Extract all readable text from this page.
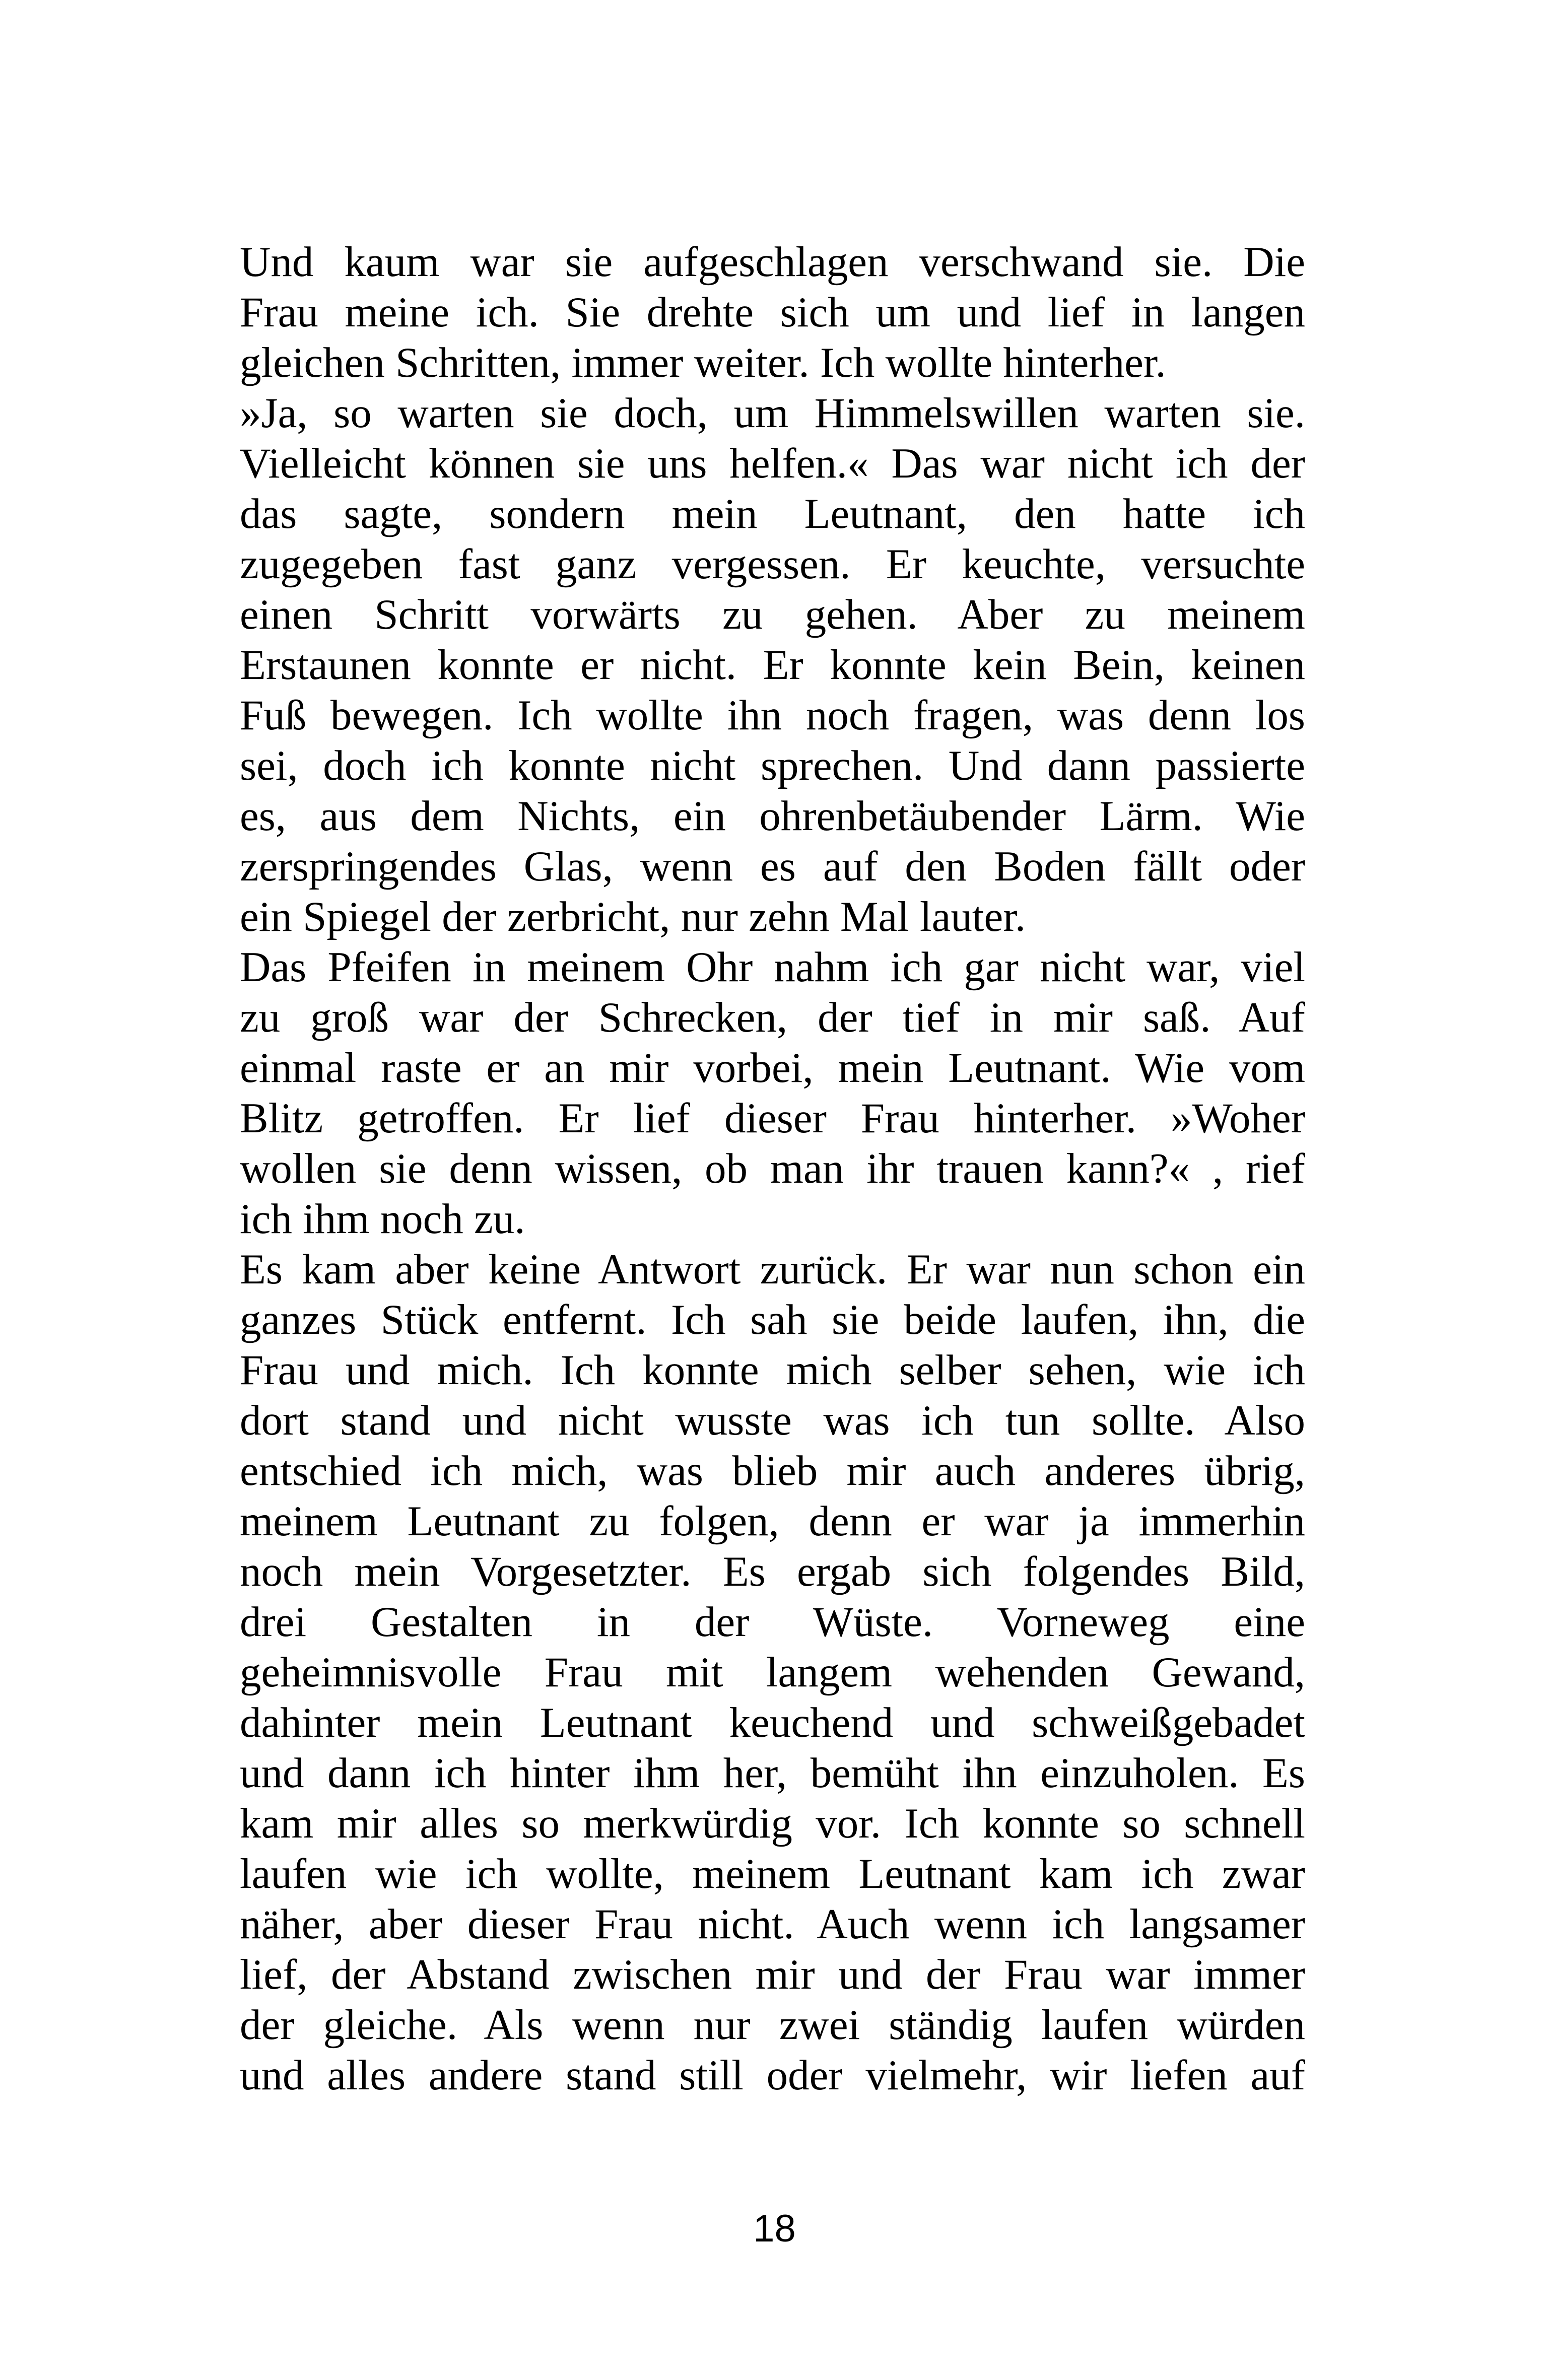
Und kaum war sie aufgeschlagen verschwand sie. Die
Frau meine ich. Sie drehte sich um und lief in langen
gleichen Schritten, immer weiter. Ich wollte hinterher.
»Ja, so warten sie doch, um Himmelswillen warten sie.
Vielleicht können sie uns helfen.« Das war nicht ich der
das sagte, sondern mein Leutnant, den hatte ich
zugegeben fast ganz vergessen. Er keuchte, versuchte
einen Schritt vorwärts zu gehen. Aber zu meinem
Erstaunen konnte er nicht. Er konnte kein Bein, keinen
Fuß bewegen. Ich wollte ihn noch fragen, was denn los
sei, doch ich konnte nicht sprechen. Und dann passierte
es, aus dem Nichts, ein ohrenbetäubender Lärm. Wie
zerspringendes Glas, wenn es auf den Boden fällt oder
ein Spiegel der zerbricht, nur zehn Mal lauter.
Das Pfeifen in meinem Ohr nahm ich gar nicht war, viel
zu groß war der Schrecken, der tief in mir saß. Auf
einmal raste er an mir vorbei, mein Leutnant. Wie vom
Blitz getroffen. Er lief dieser Frau hinterher. »Woher
wollen sie denn wissen, ob man ihr trauen kann?« , rief
ich ihm noch zu.
Es kam aber keine Antwort zurück. Er war nun schon ein
ganzes Stück entfernt. Ich sah sie beide laufen, ihn, die
Frau und mich. Ich konnte mich selber sehen, wie ich
dort stand und nicht wusste was ich tun sollte. Also
entschied ich mich, was blieb mir auch anderes übrig,
meinem Leutnant zu folgen, denn er war ja immerhin
noch mein Vorgesetzter. Es ergab sich folgendes Bild,
drei Gestalten in der Wüste. Vorneweg eine
geheimnisvolle Frau mit langem wehenden Gewand,
dahinter mein Leutnant keuchend und schweißgebadet
und dann ich hinter ihm her, bemüht ihn einzuholen. Es
kam mir alles so merkwürdig vor. Ich konnte so schnell
laufen wie ich wollte, meinem Leutnant kam ich zwar
näher, aber dieser Frau nicht. Auch wenn ich langsamer
lief, der Abstand zwischen mir und der Frau war immer
der gleiche. Als wenn nur zwei ständig laufen würden
und alles andere stand still oder vielmehr, wir liefen auf
18
